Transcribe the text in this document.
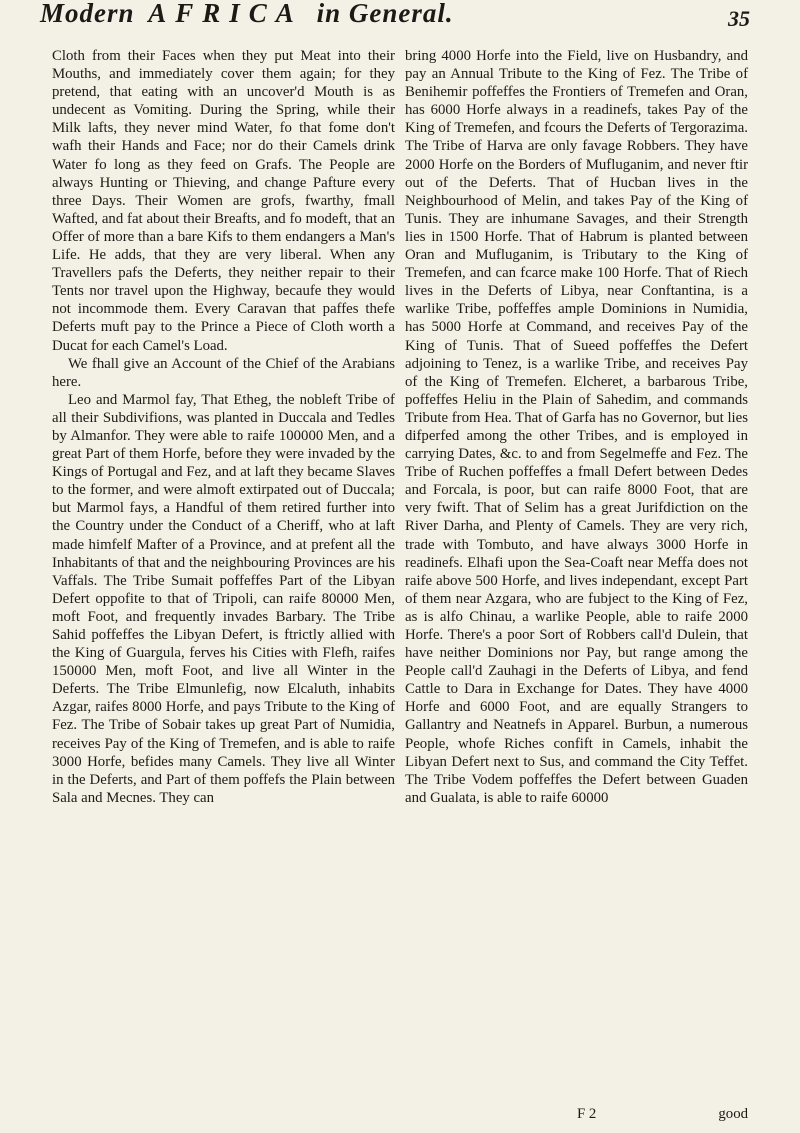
Modern AFRICA in General.	35

Cloth from their Faces when they put Meat into their Mouths, and immediately cover them again; for they pretend, that eating with an uncover'd Mouth is as undecent as Vomiting. During the Spring, while their Milk lafts, they never mind Water, fo that fome don't wafh their Hands and Face; nor do their Camels drink Water fo long as they feed on Grafs. The People are always Hunting or Thieving, and change Pafture every three Days. Their Women are grofs, fwarthy, fmall Wafted, and fat about their Breafts, and fo modeft, that an Offer of more than a bare Kifs to them endangers a Man's Life. He adds, that they are very liberal. When any Travellers pafs the Deferts, they neither repair to their Tents nor travel upon the Highway, becaufe they would not incommode them. Every Caravan that paffes thefe Deferts muft pay to the Prince a Piece of Cloth worth a Ducat for each Camel's Load.

We fhall give an Account of the Chief of the Arabians here.

Leo and Marmol fay, That Etheg, the nobleft Tribe of all their Subdivifions, was planted in Duccala and Tedles by Almanfor. They were able to raife 100000 Men, and a great Part of them Horfe, before they were invaded by the Kings of Portugal and Fez, and at laft they became Slaves to the former, and were almoft extirpated out of Duccala; but Marmol fays, a Handful of them retired further into the Country under the Conduct of a Cheriff, who at laft made himfelf Mafter of a Province, and at prefent all the Inhabitants of that and the neighbouring Provinces are his Vaffals. The Tribe Sumait poffeffes Part of the Libyan Defert oppofite to that of Tripoli, can raife 80000 Men, moft Foot, and frequently invades Barbary. The Tribe Sahid poffeffes the Libyan Defert, is ftrictly allied with the King of Guargula, ferves his Cities with Flefh, raifes 150000 Men, moft Foot, and live all Winter in the Deferts. The Tribe Elmunlefig, now Elcaluth, inhabits Azgar, raifes 8000 Horfe, and pays Tribute to the King of Fez. The Tribe of Sobair takes up great Part of Numidia, receives Pay of the King of Tremefen, and is able to raife 3000 Horfe, befides many Camels. They live all Winter in the Deferts, and Part of them poffefs the Plain between Sala and Mecnes. They can

bring 4000 Horfe into the Field, live on Husbandry, and pay an Annual Tribute to the King of Fez. The Tribe of Benihemir poffeffes the Frontiers of Tremefen and Oran, has 6000 Horfe always in a readinefs, takes Pay of the King of Tremefen, and fcours the Deferts of Tergorazima. The Tribe of Harva are only favage Robbers. They have 2000 Horfe on the Borders of Mufluganim, and never ftir out of the Deferts. That of Hucban lives in the Neighbourhood of Melin, and takes Pay of the King of Tunis. They are inhumane Savages, and their Strength lies in 1500 Horfe. That of Habrum is planted between Oran and Mufluganim, is Tributary to the King of Tremefen, and can fcarce make 100 Horfe. That of Riech lives in the Deferts of Libya, near Conftantina, is a warlike Tribe, poffeffes ample Dominions in Numidia, has 5000 Horfe at Command, and receives Pay of the King of Tunis. That of Sueed poffeffes the Defert adjoining to Tenez, is a warlike Tribe, and receives Pay of the King of Tremefen. Elcheret, a barbarous Tribe, poffeffes Heliu in the Plain of Sahedim, and commands Tribute from Hea. That of Garfa has no Governor, but lies difperfed among the other Tribes, and is employed in carrying Dates, &c. to and from Segelmeffe and Fez. The Tribe of Ruchen poffeffes a fmall Defert between Dedes and Forcala, is poor, but can raife 8000 Foot, that are very fwift. That of Selim has a great Jurifdiction on the River Darha, and Plenty of Camels. They are very rich, trade with Tombuto, and have always 3000 Horfe in readinefs. Elhafi upon the Sea-Coaft near Meffa does not raife above 500 Horfe, and lives independant, except Part of them near Azgara, who are fubject to the King of Fez, as is alfo Chinau, a warlike People, able to raife 2000 Horfe. There's a poor Sort of Robbers call'd Dulein, that have neither Dominions nor Pay, but range among the People call'd Zauhagi in the Deferts of Libya, and fend Cattle to Dara in Exchange for Dates. They have 4000 Horfe and 6000 Foot, and are equally Strangers to Gallantry and Neatnefs in Apparel. Burbun, a numerous People, whofe Riches confift in Camels, inhabit the Libyan Defert next to Sus, and command the City Teffet. The Tribe Vodem poffeffes the Defert between Guaden and Gualata, is able to raife 60000

F 2	good
